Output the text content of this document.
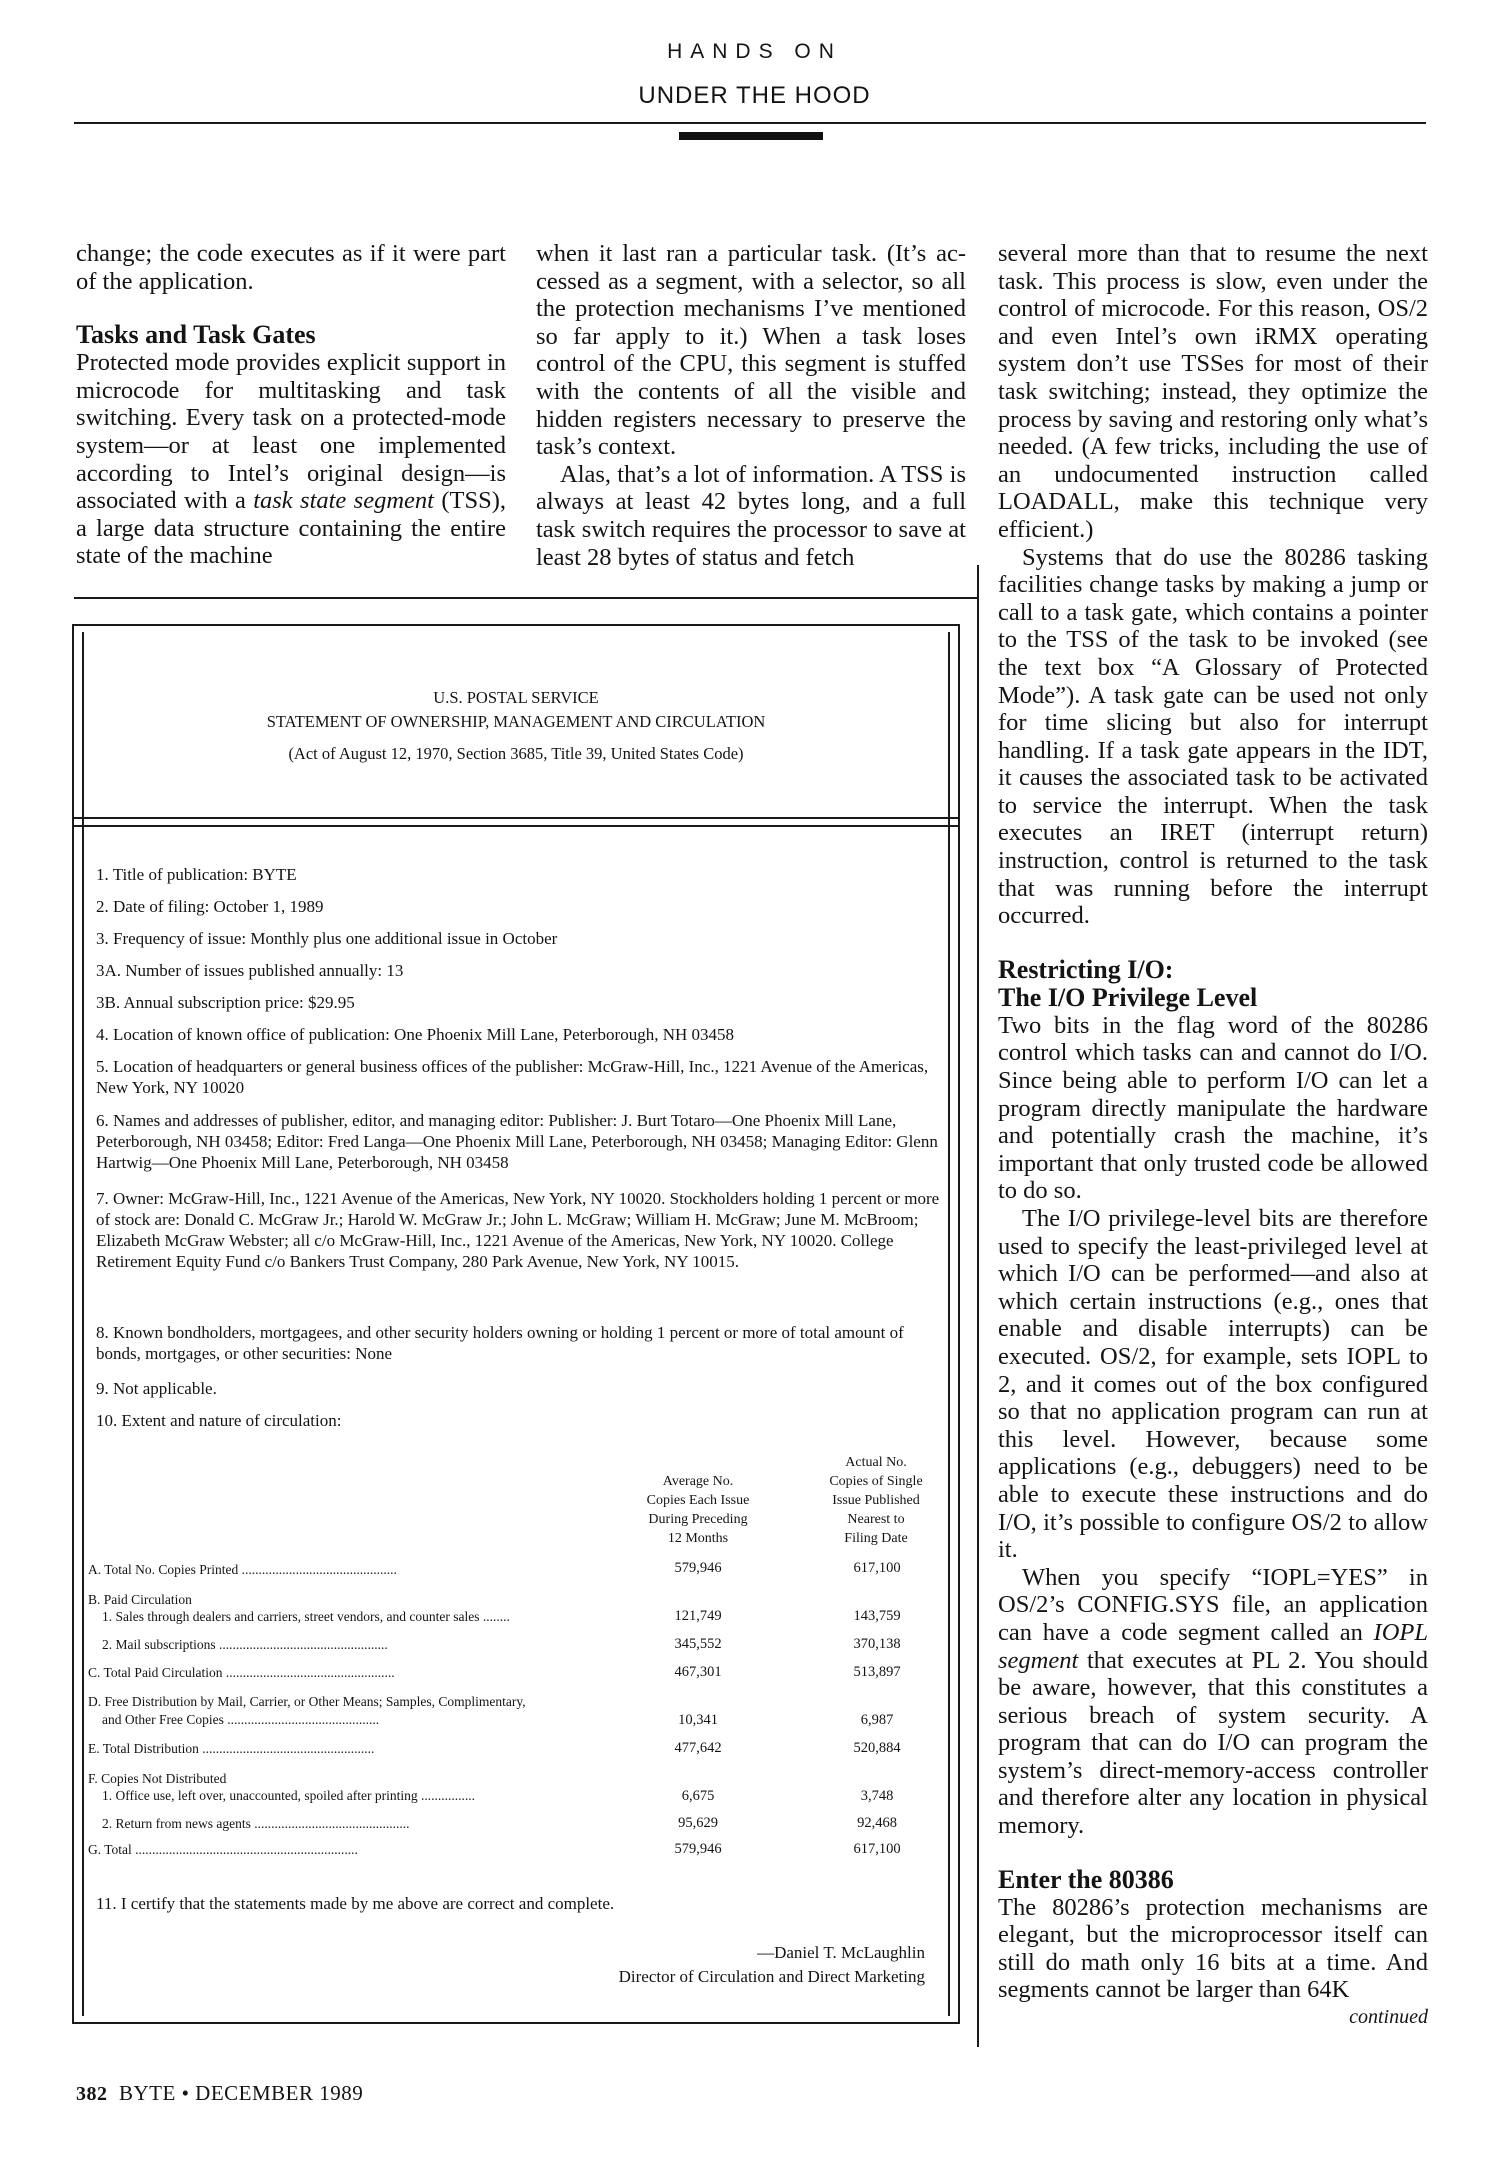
HANDS ON
UNDER THE HOOD

change; the code executes as if it were part of the application.

Tasks and Task Gates

Protected mode provides explicit support in microcode for multitasking and task switching. Every task on a protected-mode system—or at least one implemented according to Intel’s original design—is associated with a task state segment (TSS), a large data structure containing the entire state of the machine

when it last ran a particular task. (It’s accessed as a segment, with a selector, so all the protection mechanisms I’ve mentioned so far apply to it.) When a task loses control of the CPU, this segment is stuffed with the contents of all the visible and hidden registers necessary to preserve the task’s context.

Alas, that’s a lot of information. A TSS is always at least 42 bytes long, and a full task switch requires the processor to save at least 28 bytes of status and fetch

several more than that to resume the next task. This process is slow, even under the control of microcode. For this reason, OS/2 and even Intel’s own iRMX operating system don’t use TSSes for most of their task switching; instead, they optimize the process by saving and restoring only what’s needed. (A few tricks, including the use of an undocumented instruction called LOADALL, make this technique very efficient.)

Systems that do use the 80286 tasking facilities change tasks by making a jump or call to a task gate, which contains a pointer to the TSS of the task to be invoked (see the text box “A Glossary of Protected Mode”). A task gate can be used not only for time slicing but also for interrupt handling. If a task gate appears in the IDT, it causes the associated task to be activated to service the interrupt. When the task executes an IRET (interrupt return) instruction, control is returned to the task that was running before the interrupt occurred.

Restricting I/O:
The I/O Privilege Level

Two bits in the flag word of the 80286 control which tasks can and cannot do I/O. Since being able to perform I/O can let a program directly manipulate the hardware and potentially crash the machine, it’s important that only trusted code be allowed to do so.

The I/O privilege-level bits are therefore used to specify the least-privileged level at which I/O can be performed—and also at which certain instructions (e.g., ones that enable and disable interrupts) can be executed. OS/2, for example, sets IOPL to 2, and it comes out of the box configured so that no application program can run at this level. However, because some applications (e.g., debuggers) need to be able to execute these instructions and do I/O, it’s possible to configure OS/2 to allow it.

When you specify “IOPL=YES” in OS/2’s CONFIG.SYS file, an application can have a code segment called an IOPL segment that executes at PL 2. You should be aware, however, that this constitutes a serious breach of system security. A program that can do I/O can program the system’s direct-memory-access controller and therefore alter any location in physical memory.

Enter the 80386

The 80286’s protection mechanisms are elegant, but the microprocessor itself can still do math only 16 bits at a time. And segments cannot be larger than 64K

continued

U.S. POSTAL SERVICE
STATEMENT OF OWNERSHIP, MANAGEMENT AND CIRCULATION
(Act of August 12, 1970, Section 3685, Title 39, United States Code)
1. Title of publication: BYTE
2. Date of filing: October 1, 1989
3. Frequency of issue: Monthly plus one additional issue in October
3A. Number of issues published annually: 13
3B. Annual subscription price: $29.95
4. Location of known office of publication: One Phoenix Mill Lane, Peterborough, NH 03458
5. Location of headquarters or general business offices of the publisher: McGraw-Hill, Inc., 1221 Avenue of the Americas, New York, NY 10020
6. Names and addresses of publisher, editor, and managing editor: Publisher: J. Burt Totaro—One Phoenix Mill Lane, Peterborough, NH 03458; Editor: Fred Langa—One Phoenix Mill Lane, Peterborough, NH 03458; Managing Editor: Glenn Hartwig—One Phoenix Mill Lane, Peterborough, NH 03458
7. Owner: McGraw-Hill, Inc., 1221 Avenue of the Americas, New York, NY 10020. Stockholders holding 1 percent or more of stock are: Donald C. McGraw Jr.; Harold W. McGraw Jr.; John L. McGraw; William H. McGraw; June M. McBroom; Elizabeth McGraw Webster; all c/o McGraw-Hill, Inc., 1221 Avenue of the Americas, New York, NY 10020. College Retirement Equity Fund c/o Bankers Trust Company, 280 Park Avenue, New York, NY 10015.
8. Known bondholders, mortgagees, and other security holders owning or holding 1 percent or more of total amount of bonds, mortgages, or other securities: None
9. Not applicable.
10. Extent and nature of circulation:
Average No.
Copies Each Issue
During Preceding
12 Months
Actual No.
Copies of Single
Issue Published
Nearest to
Filing Date
A. Total No. Copies Printed ..............................................	579,946	617,100
B. Paid Circulation
1. Sales through dealers and carriers, street vendors, and counter sales ........	121,749	143,759
2. Mail subscriptions ..................................................	345,552	370,138
C. Total Paid Circulation ..................................................	467,301	513,897
D. Free Distribution by Mail, Carrier, or Other Means; Samples, Complimentary,
and Other Free Copies .............................................	10,341	6,987
E. Total Distribution ...................................................	477,642	520,884
F. Copies Not Distributed
1. Office use, left over, unaccounted, spoiled after printing ................	6,675	3,748
2. Return from news agents ..............................................	95,629	92,468
G. Total ..................................................................	579,946	617,100
11. I certify that the statements made by me above are correct and complete.
—Daniel T. McLaughlin
Director of Circulation and Direct Marketing
382 BYTE • DECEMBER 1989
